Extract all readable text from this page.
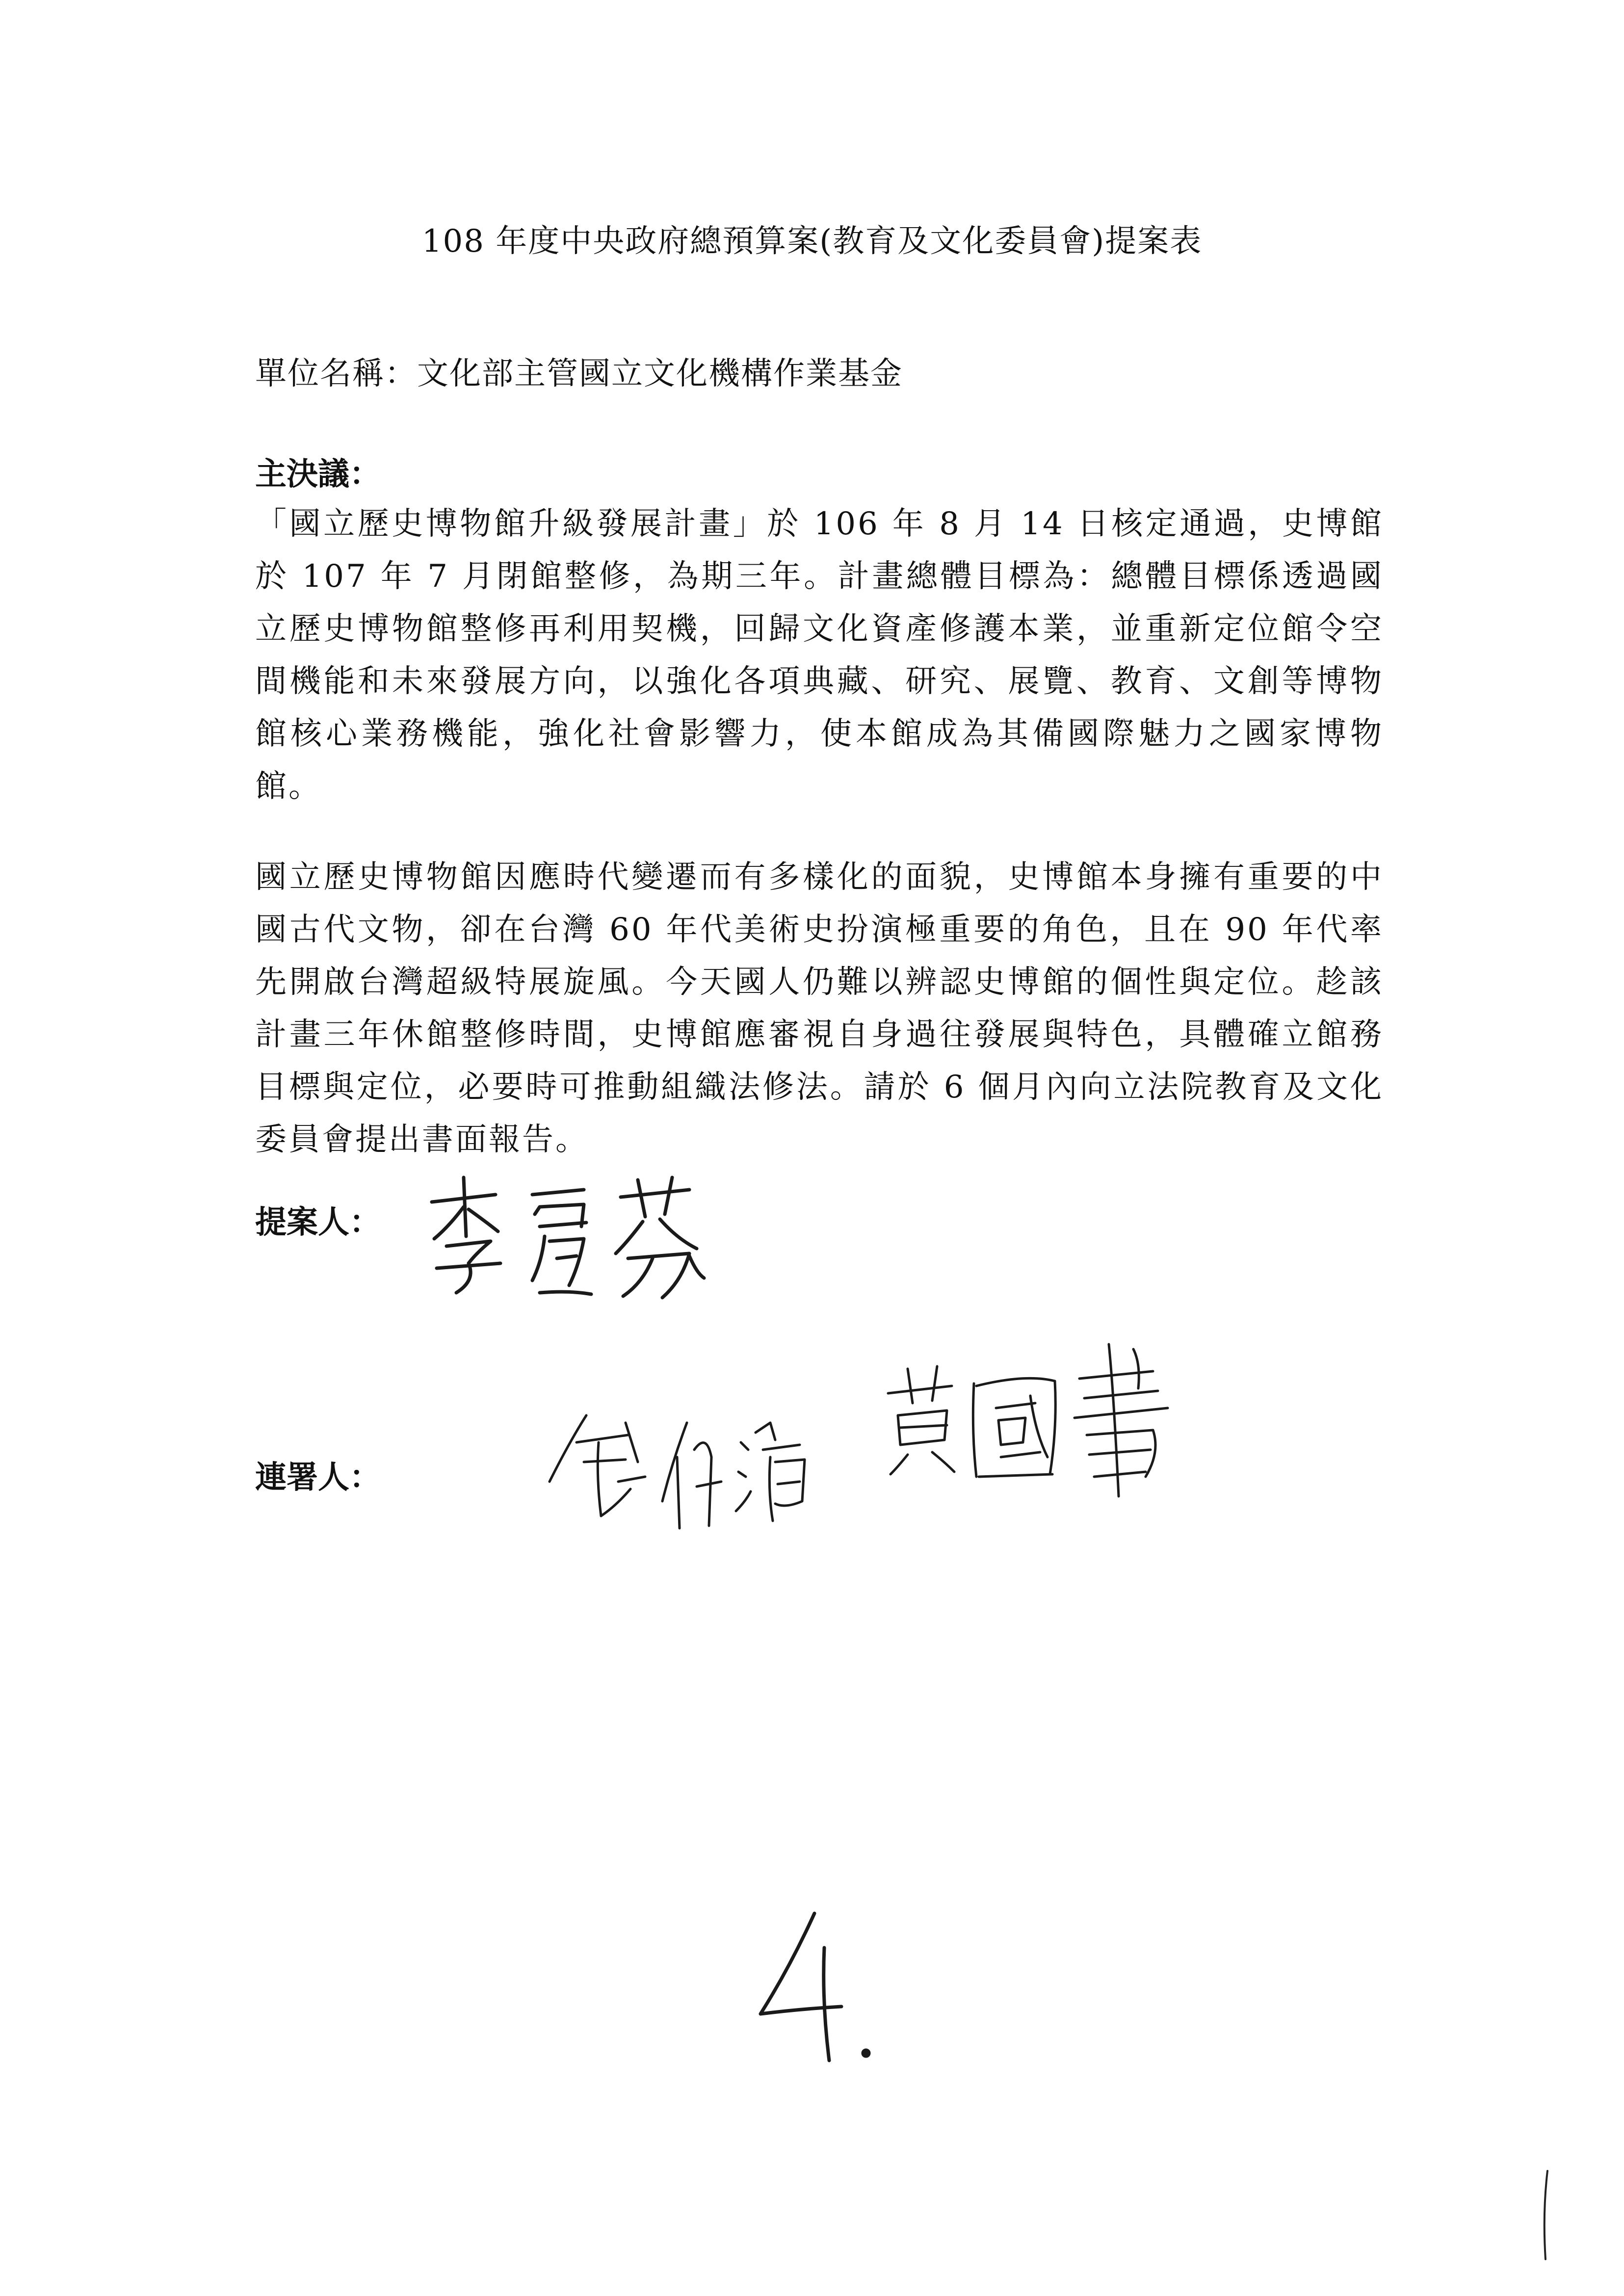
108 年度中央政府總預算案(教育及文化委員會)提案表
單位名稱：文化部主管國立文化機構作業基金
主決議：

「國立歷史博物館升級發展計畫」於 106 年 8 月 14 日核定通過，史博館於 107 年 7 月閉館整修，為期三年。計畫總體目標為：總體目標係透過國立歷史博物館整修再利用契機，回歸文化資產修護本業，並重新定位館令空間機能和未來發展方向，以強化各項典藏、研究、展覽、教育、文創等博物館核心業務機能，強化社會影響力，使本館成為其備國際魅力之國家博物館。

國立歷史博物館因應時代變遷而有多樣化的面貌，史博館本身擁有重要的中國古代文物，卻在台灣 60 年代美術史扮演極重要的角色，且在 90 年代率先開啟台灣超級特展旋風。今天國人仍難以辨認史博館的個性與定位。趁該計畫三年休館整修時間，史博館應審視自身過往發展與特色，具體確立館務目標與定位，必要時可推動組織法修法。請於 6 個月內向立法院教育及文化委員會提出書面報告。

提案人：
李麗芬
連署人：
鍾佳濱
黃國書
